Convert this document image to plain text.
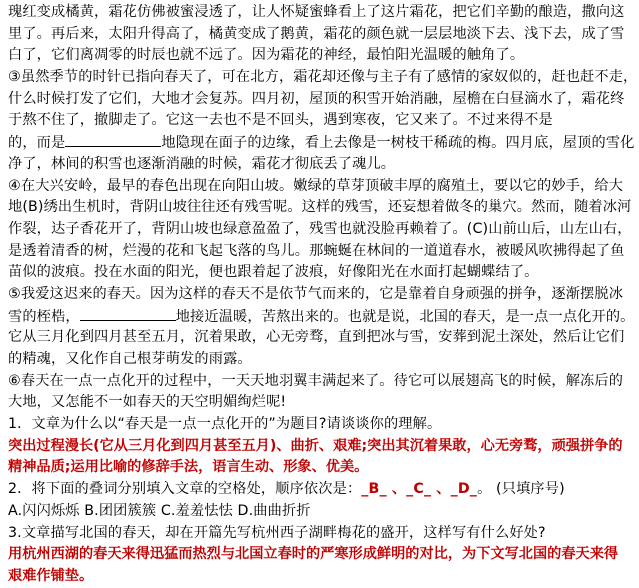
瑰红变成橘黄，霜花仿佛被蜜浸透了，让人怀疑蜜蜂看上了这片霜花，把它们辛勤的酿造，撒向这
里了。再后来，太阳升得高了，橘黄变成了鹅黄，霜花的颜色就一层层地淡下去、浅下去，成了雪
白了，它们离凋零的时辰也就不远了。因为霜花的神经，最怕阳光温暖的触角了。
③虽然季节的时针已指向春天了，可在北方，霜花却还像与主子有了感情的家奴似的，赶也赶不走，
什么时候打发了它们，大地才会复苏。四月初，屋顶的积雪开始消融，屋檐在白昼滴水了，霜花终
于熬不住了，撤脚走了。它这一去也不是不回头，遇到寒夜，它又来了。不过来得不是
的，而是	地隐现在面子的边缘，看上去像是一树枝干稀疏的梅。四月底，屋顶的雪化
净了，林间的积雪也逐渐消融的时候，霜花才彻底丢了魂儿。
④在大兴安岭，最早的春色出现在向阳山坡。嫩绿的草芽顶破丰厚的腐殖土，要以它的妙手，给大
地(B)绣出生机时，背阴山坡往往还有残雪呢。这样的残雪，还妄想着做冬的巢穴。然而，随着冰河
作裂，达子香花开了，背阴山坡也绿意盈盈了，残雪也就没脸再赖着了。(C)山前山后，山左山右，
是透着清香的树，烂漫的花和飞起飞落的鸟儿。那蜿蜒在林间的一道道春水，被暖风吹拂得起了鱼
苗似的波痕。投在水面的阳光，便也跟着起了波痕，好像阳光在水面打起蝴蝶结了。
⑤我爱这迟来的春天。因为这样的春天不是依节气而来的，它是靠着自身顽强的拼争，逐渐摆脱冰
雪的桎梏，	地接近温暖，苦熬出来的。也就是说，北国的春天，是一点一点化开的。
它从三月化到四月甚至五月，沉着果敢，心无旁骛，直到把冰与雪，安葬到泥土深处，然后让它们
的精魂，又化作自己根芽萌发的雨露。
⑥春天在一点一点化开的过程中，一天天地羽翼丰满起来了。待它可以展翅高飞的时候，解冻后的
大地，又怎能不一如春天的天空明媚绚烂呢!
1．文章为什么以“春天是一点一点化开的”为题目?请谈谈你的理解。
突出过程漫长(它从三月化到四月甚至五月)、曲折、艰难;突出其沉着果敢，心无旁骛，顽强拼争的
精神品质;运用比喻的修辞手法，语言生动、形象、优美。
2．将下面的叠词分别填入文章的空格处，顺序依次是：_B_ 、_C_ 、_D_。 (只填序号)
A.闪闪烁烁 B.团团簇簇 C.羞羞怯怯 D.曲曲折折
3.文章描写北国的春天，却在开篇先写杭州西子湖畔梅花的盛开，这样写有什么好处?
用杭州西湖的春天来得迅猛而热烈与北国立春时的严寒形成鲜明的对比，为下文写北国的春天来得
艰难作铺垫。
